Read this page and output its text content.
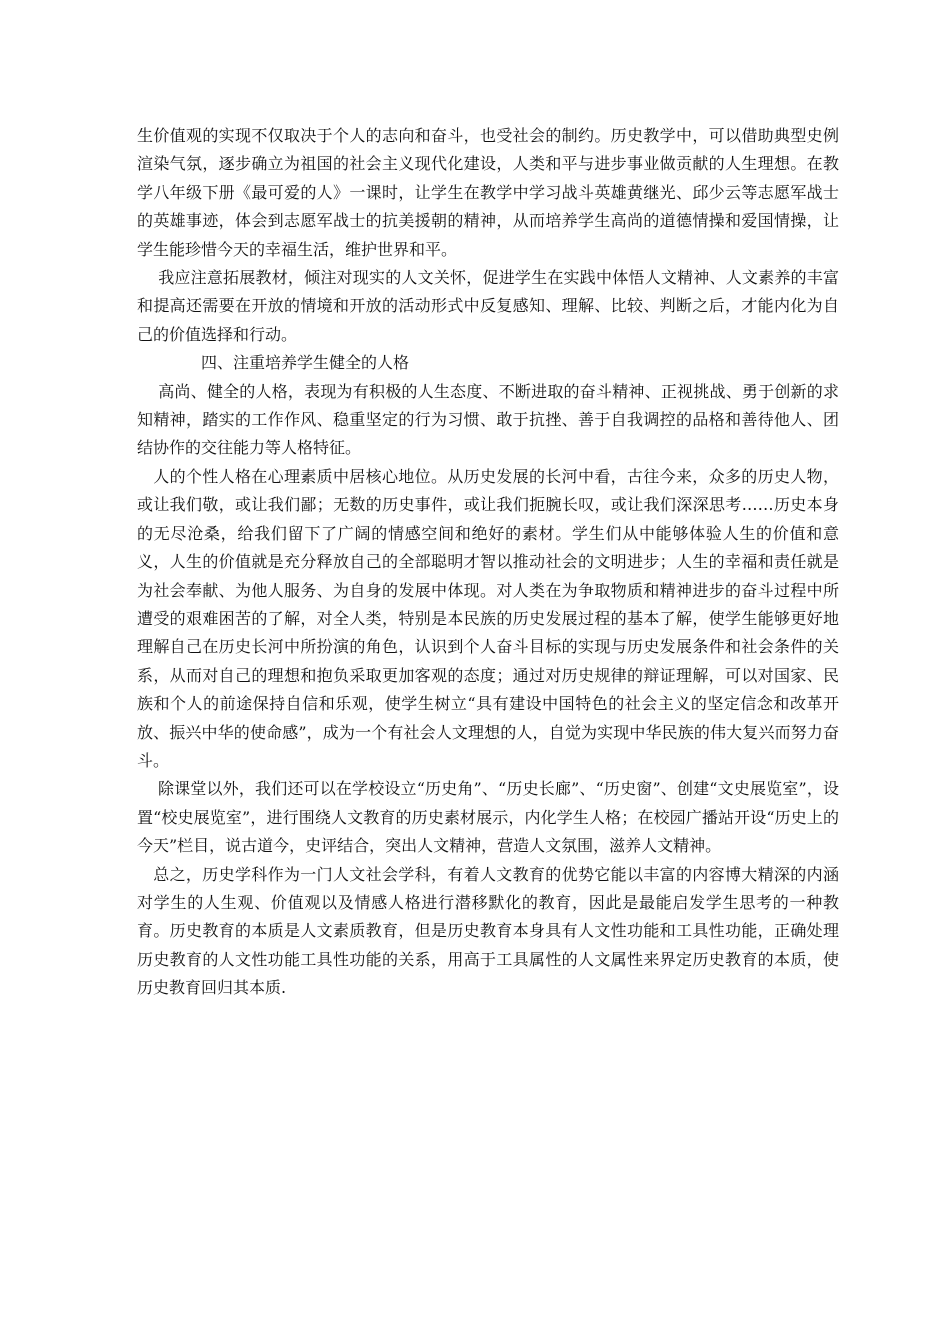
生价值观的实现不仅取决于个人的志向和奋斗，也受社会的制约。历史教学中，可以借助典型史例渲染气氛，逐步确立为祖国的社会主义现代化建设，人类和平与进步事业做贡献的人生理想。在教学八年级下册《最可爱的人》一课时，让学生在教学中学习战斗英雄黄继光、邱少云等志愿军战士的英雄事迹，体会到志愿军战士的抗美援朝的精神，从而培养学生高尚的道德情操和爱国情操，让学生能珍惜今天的幸福生活，维护世界和平。

我应注意拓展教材，倾注对现实的人文关怀，促进学生在实践中体悟人文精神、人文素养的丰富和提高还需要在开放的情境和开放的活动形式中反复感知、理解、比较、判断之后，才能内化为自己的价值选择和行动。

四、注重培养学生健全的人格

高尚、健全的人格，表现为有积极的人生态度、不断进取的奋斗精神、正视挑战、勇于创新的求知精神，踏实的工作作风、稳重坚定的行为习惯、敢于抗挫、善于自我调控的品格和善待他人、团结协作的交往能力等人格特征。

人的个性人格在心理素质中居核心地位。从历史发展的长河中看，古往今来，众多的历史人物，或让我们敬，或让我们鄙；无数的历史事件，或让我们扼腕长叹，或让我们深深思考……历史本身的无尽沧桑，给我们留下了广阔的情感空间和绝好的素材。学生们从中能够体验人生的价值和意义，人生的价值就是充分释放自己的全部聪明才智以推动社会的文明进步；人生的幸福和责任就是为社会奉献、为他人服务、为自身的发展中体现。对人类在为争取物质和精神进步的奋斗过程中所遭受的艰难困苦的了解，对全人类，特别是本民族的历史发展过程的基本了解，使学生能够更好地理解自己在历史长河中所扮演的角色，认识到个人奋斗目标的实现与历史发展条件和社会条件的关系，从而对自己的理想和抱负采取更加客观的态度；通过对历史规律的辩证理解，可以对国家、民族和个人的前途保持自信和乐观，使学生树立“具有建设中国特色的社会主义的坚定信念和改革开放、振兴中华的使命感”，成为一个有社会人文理想的人，自觉为实现中华民族的伟大复兴而努力奋斗。

除课堂以外，我们还可以在学校设立“历史角”、“历史长廊”、“历史窗”、创建“文史展览室”，设置“校史展览室”，进行围绕人文教育的历史素材展示，内化学生人格；在校园广播站开设“历史上的今天”栏目，说古道今，史评结合，突出人文精神，营造人文氛围，滋养人文精神。

总之，历史学科作为一门人文社会学科，有着人文教育的优势它能以丰富的内容博大精深的内涵对学生的人生观、价值观以及情感人格进行潜移默化的教育，因此是最能启发学生思考的一种教育。历史教育的本质是人文素质教育，但是历史教育本身具有人文性功能和工具性功能，正确处理历史教育的人文性功能工具性功能的关系，用高于工具属性的人文属性来界定历史教育的本质，使历史教育回归其本质.
